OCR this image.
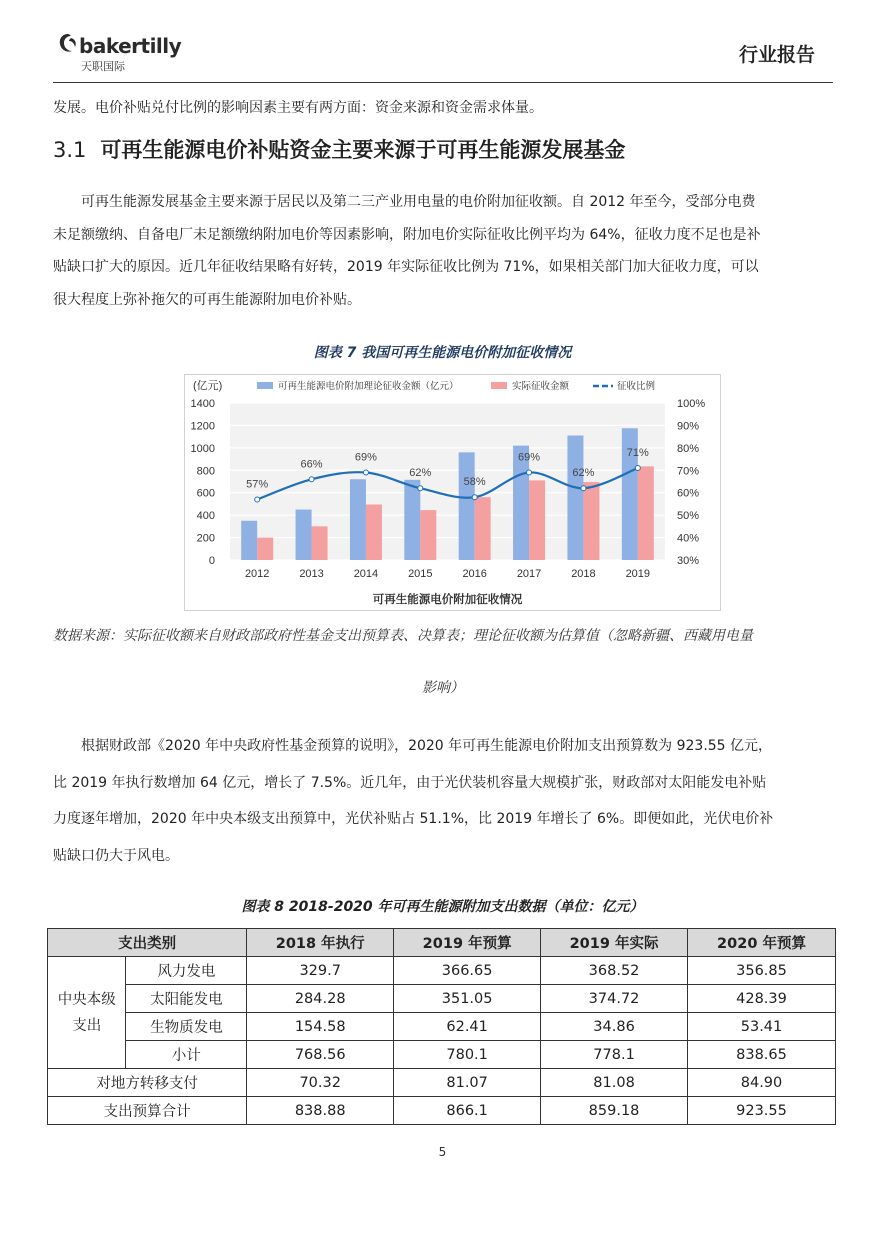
bakertilly
天职国际
行业报告

发展。电价补贴兑付比例的影响因素主要有两方面：资金来源和资金需求体量。

3.1 可再生能源电价补贴资金主要来源于可再生能源发展基金

可再生能源发展基金主要来源于居民以及第二三产业用电量的电价附加征收额。自 2012 年至今，受部分电费

未足额缴纳、自备电厂未足额缴纳附加电价等因素影响，附加电价实际征收比例平均为 64%，征收力度不足也是补

贴缺口扩大的原因。近几年征收结果略有好转，2019 年实际征收比例为 71%，如果相关部门加大征收力度，可以

很大程度上弥补拖欠的可再生能源附加电价补贴。

图表 7 我国可再生能源电价附加征收情况
0
200
400
600
800
1000
1200
1400
30%
40%
50%
60%
70%
80%
90%
100%
(亿元)
2012	2013	2014	2015	2016	2017	2018	2019
57%
66%
69%
62%
58%
69%
62%
71%
可再生能源电价附加理论征收金额（亿元）	实际征收金额	征收比例
可再生能源电价附加征收情况
数据来源：实际征收额来自财政部政府性基金支出预算表、决算表；理论征收额为估算值（忽略新疆、西藏用电量
影响）

根据财政部《2020 年中央政府性基金预算的说明》，2020 年可再生能源电价附加支出预算数为 923.55 亿元，

比 2019 年执行数增加 64 亿元，增长了 7.5%。近几年，由于光伏装机容量大规模扩张，财政部对太阳能发电补贴

力度逐年增加，2020 年中央本级支出预算中，光伏补贴占 51.1%，比 2019 年增长了 6%。即便如此，光伏电价补

贴缺口仍大于风电。

图表 8 2018-2020 年可再生能源附加支出数据（单位：亿元）
支出类别		2018 年执行	2019 年预算	2019 年实际	2020 年预算
中央本级
支出	风力发电	329.7	366.65	368.52	356.85
	太阳能发电	284.28	351.05	374.72	428.39
	生物质发电	154.58	62.41	34.86	53.41
	小计	768.56	780.1	778.1	838.65
对地方转移支付		70.32	81.07	81.08	84.90
支出预算合计		838.88	866.1	859.18	923.55
5
